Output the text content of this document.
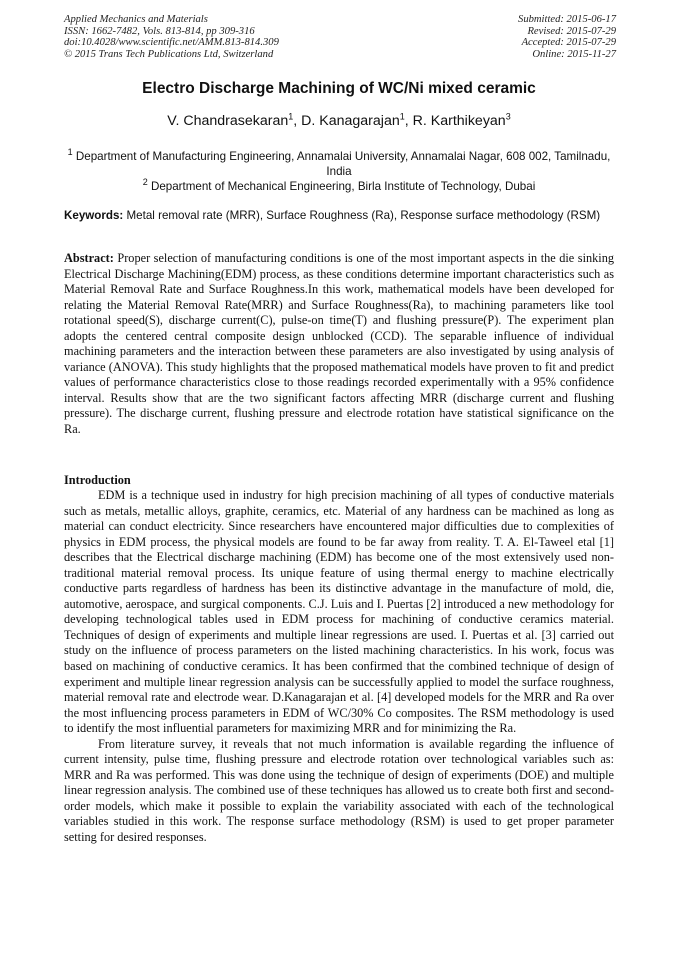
Applied Mechanics and Materials
ISSN: 1662-7482, Vols. 813-814, pp 309-316
doi:10.4028/www.scientific.net/AMM.813-814.309
© 2015 Trans Tech Publications Ltd, Switzerland
Submitted: 2015-06-17
Revised: 2015-07-29
Accepted: 2015-07-29
Online: 2015-11-27
Electro Discharge Machining of WC/Ni mixed ceramic
V. Chandrasekaran$^1$, D. Kanagarajan$^1$, R. Karthikeyan$^3$
$^1$ Department of Manufacturing Engineering, Annamalai University, Annamalai Nagar, 608 002, Tamilnadu, India
$^2$ Department of Mechanical Engineering, Birla Institute of Technology, Dubai
Keywords: Metal removal rate (MRR), Surface Roughness (Ra), Response surface methodology (RSM)

Abstract: Proper selection of manufacturing conditions is one of the most important aspects in the die sinking Electrical Discharge Machining(EDM) process, as these conditions determine important characteristics such as Material Removal Rate and Surface Roughness.In this work, mathematical models have been developed for relating the Material Removal Rate(MRR) and Surface Roughness(Ra), to machining parameters like tool rotational speed(S), discharge current(C), pulse-on time(T) and flushing pressure(P). The experiment plan adopts the centered central composite design unblocked (CCD). The separable influence of individual machining parameters and the interaction between these parameters are also investigated by using analysis of variance (ANOVA). This study highlights that the proposed mathematical models have proven to fit and predict values of performance characteristics close to those readings recorded experimentally with a 95% confidence interval. Results show that are the two significant factors affecting MRR (discharge current and flushing pressure). The discharge current, flushing pressure and electrode rotation have statistical significance on the Ra.

Introduction

EDM is a technique used in industry for high precision machining of all types of conductive materials such as metals, metallic alloys, graphite, ceramics, etc. Material of any hardness can be machined as long as material can conduct electricity. Since researchers have encountered major difficulties due to complexities of physics in EDM process, the physical models are found to be far away from reality. T. A. El-Taweel etal [1] describes that the Electrical discharge machining (EDM) has become one of the most extensively used non-traditional material removal process. Its unique feature of using thermal energy to machine electrically conductive parts regardless of hardness has been its distinctive advantage in the manufacture of mold, die, automotive, aerospace, and surgical components. C.J. Luis and I. Puertas [2] introduced a new methodology for developing technological tables used in EDM process for machining of conductive ceramics material. Techniques of design of experiments and multiple linear regressions are used. I. Puertas et al. [3] carried out study on the influence of process parameters on the listed machining characteristics. In his work, focus was based on machining of conductive ceramics. It has been confirmed that the combined technique of design of experiment and multiple linear regression analysis can be successfully applied to model the surface roughness, material removal rate and electrode wear. D.Kanagarajan et al. [4] developed models for the MRR and Ra over the most influencing process parameters in EDM of WC/30% Co composites. The RSM methodology is used to identify the most influential parameters for maximizing MRR and for minimizing the Ra.

From literature survey, it reveals that not much information is available regarding the influence of current intensity, pulse time, flushing pressure and electrode rotation over technological variables such as: MRR and Ra was performed. This was done using the technique of design of experiments (DOE) and multiple linear regression analysis. The combined use of these techniques has allowed us to create both first and second-order models, which make it possible to explain the variability associated with each of the technological variables studied in this work. The response surface methodology (RSM) is used to get proper parameter setting for desired responses.
